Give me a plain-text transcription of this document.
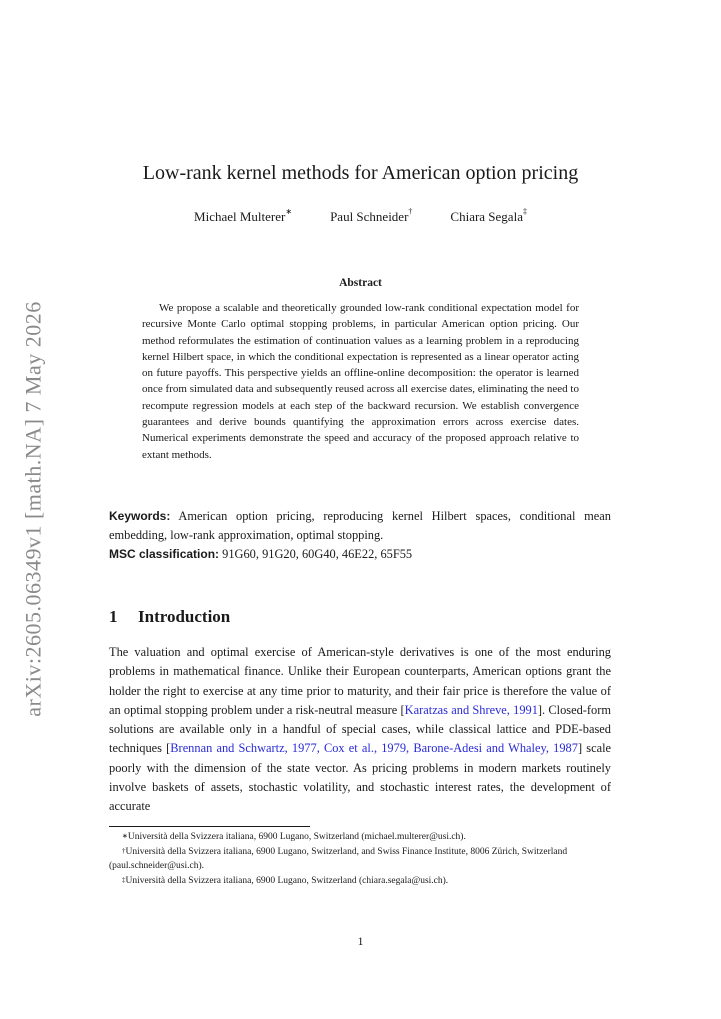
arXiv:2605.06349v1 [math.NA] 7 May 2026
Low-rank kernel methods for American option pricing
Michael Multerer∗	Paul Schneider†	Chiara Segala‡
Abstract
We propose a scalable and theoretically grounded low-rank conditional expectation model for recursive Monte Carlo optimal stopping problems, in particular American option pricing. Our method reformulates the estimation of continuation values as a learning problem in a reproducing kernel Hilbert space, in which the conditional expectation is represented as a linear operator acting on future payoffs. This perspective yields an offline-online decomposition: the operator is learned once from simulated data and subsequently reused across all exercise dates, eliminating the need to recompute regression models at each step of the backward recursion. We establish convergence guarantees and derive bounds quantifying the approximation errors across exercise dates. Numerical experiments demonstrate the speed and accuracy of the proposed approach relative to extant methods.
Keywords: American option pricing, reproducing kernel Hilbert spaces, conditional mean embedding, low-rank approximation, optimal stopping.
MSC classification: 91G60, 91G20, 60G40, 46E22, 65F55
1 Introduction
The valuation and optimal exercise of American-style derivatives is one of the most enduring problems in mathematical finance. Unlike their European counterparts, American options grant the holder the right to exercise at any time prior to maturity, and their fair price is therefore the value of an optimal stopping problem under a risk-neutral measure [Karatzas and Shreve, 1991]. Closed-form solutions are available only in a handful of special cases, while classical lattice and PDE-based techniques [Brennan and Schwartz, 1977, Cox et al., 1979, Barone-Adesi and Whaley, 1987] scale poorly with the dimension of the state vector. As pricing problems in modern markets routinely involve baskets of assets, stochastic volatility, and stochastic interest rates, the development of accurate
∗Università della Svizzera italiana, 6900 Lugano, Switzerland (michael.multerer@usi.ch).
†Università della Svizzera italiana, 6900 Lugano, Switzerland, and Swiss Finance Institute, 8006 Zürich, Switzerland (paul.schneider@usi.ch).
‡Università della Svizzera italiana, 6900 Lugano, Switzerland (chiara.segala@usi.ch).
1
